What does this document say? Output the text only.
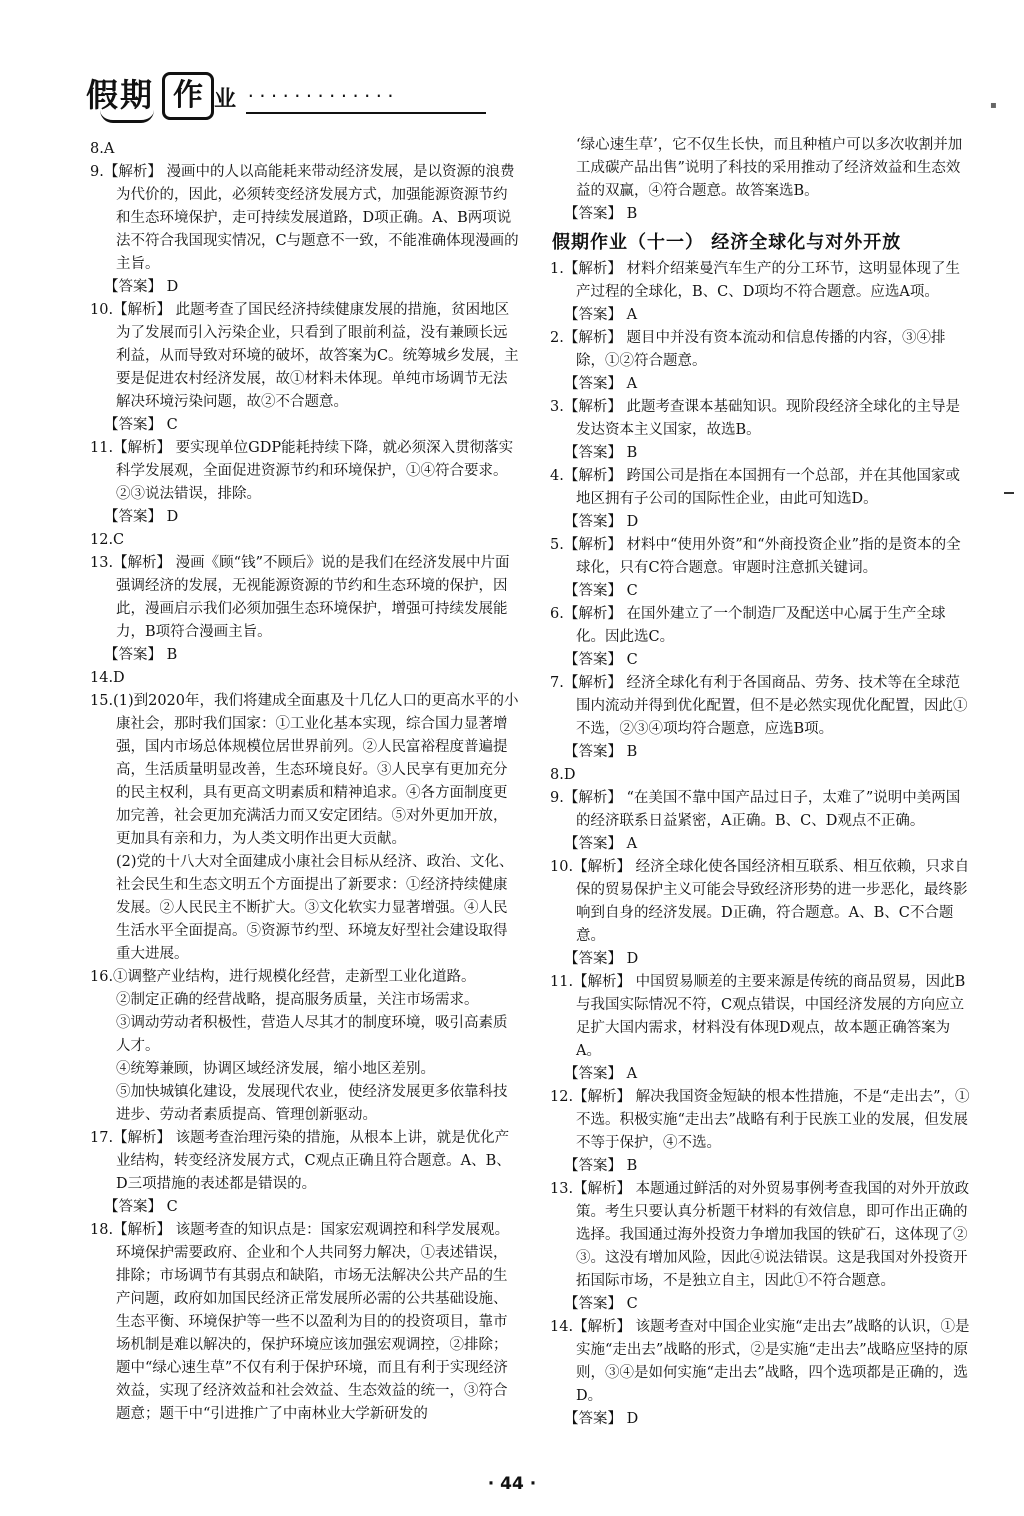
假期 作 业 .............
▪
8.A
9.【解析】 漫画中的人以高能耗来带动经济发展，是以资源的浪费为代价的，因此，必须转变经济发展方式，加强能源资源节约和生态环境保护，走可持续发展道路，D项正确。A、B两项说法不符合我国现实情况，C与题意不一致，不能准确体现漫画的主旨。
【答案】 D
10.【解析】 此题考查了国民经济持续健康发展的措施，贫困地区为了发展而引入污染企业，只看到了眼前利益，没有兼顾长远利益，从而导致对环境的破坏，故答案为C。统筹城乡发展，主要是促进农村经济发展，故①材料未体现。单纯市场调节无法解决环境污染问题，故②不合题意。
【答案】 C
11.【解析】 要实现单位GDP能耗持续下降，就必须深入贯彻落实科学发展观，全面促进资源节约和环境保护，①④符合要求。②③说法错误，排除。
【答案】 D
12.C
13.【解析】 漫画《顾“钱”不顾后》说的是我们在经济发展中片面强调经济的发展，无视能源资源的节约和生态环境的保护，因此，漫画启示我们必须加强生态环境保护，增强可持续发展能力，B项符合漫画主旨。
【答案】 B
14.D
15.(1)到2020年，我们将建成全面惠及十几亿人口的更高水平的小康社会，那时我们国家：①工业化基本实现，综合国力显著增强，国内市场总体规模位居世界前列。②人民富裕程度普遍提高，生活质量明显改善，生态环境良好。③人民享有更加充分的民主权利，具有更高文明素质和精神追求。④各方面制度更加完善，社会更加充满活力而又安定团结。⑤对外更加开放，更加具有亲和力，为人类文明作出更大贡献。
(2)党的十八大对全面建成小康社会目标从经济、政治、文化、社会民生和生态文明五个方面提出了新要求：①经济持续健康发展。②人民民主不断扩大。③文化软实力显著增强。④人民生活水平全面提高。⑤资源节约型、环境友好型社会建设取得重大进展。
16.①调整产业结构，进行规模化经营，走新型工业化道路。
②制定正确的经营战略，提高服务质量，关注市场需求。
③调动劳动者积极性，营造人尽其才的制度环境，吸引高素质人才。
④统筹兼顾，协调区域经济发展，缩小地区差别。
⑤加快城镇化建设，发展现代农业，使经济发展更多依靠科技进步、劳动者素质提高、管理创新驱动。
17.【解析】 该题考查治理污染的措施，从根本上讲，就是优化产业结构，转变经济发展方式，C观点正确且符合题意。A、B、D三项措施的表述都是错误的。
【答案】 C
18.【解析】 该题考查的知识点是：国家宏观调控和科学发展观。环境保护需要政府、企业和个人共同努力解决，①表述错误，排除；市场调节有其弱点和缺陷，市场无法解决公共产品的生产问题，政府如加国民经济正常发展所必需的公共基础设施、生态平衡、环境保护等一些不以盈利为目的的投资项目，靠市场机制是难以解决的，保护环境应该加强宏观调控，②排除；题中“绿心速生草”不仅有利于保护环境，而且有利于实现经济效益，实现了经济效益和社会效益、生态效益的统一，③符合题意；题干中“引进推广了中南林业大学新研发的
‘绿心速生草’，它不仅生长快，而且种植户可以多次收割并加工成碳产品出售”说明了科技的采用推动了经济效益和生态效益的双赢，④符合题意。故答案选B。
【答案】 B
假期作业（十一） 经济全球化与对外开放
1.【解析】 材料介绍莱曼汽车生产的分工环节，这明显体现了生产过程的全球化，B、C、D项均不符合题意。应选A项。
【答案】 A
2.【解析】 题目中并没有资本流动和信息传播的内容，③④排除，①②符合题意。
【答案】 A
3.【解析】 此题考查课本基础知识。现阶段经济全球化的主导是发达资本主义国家，故选B。
【答案】 B
4.【解析】 跨国公司是指在本国拥有一个总部，并在其他国家或地区拥有子公司的国际性企业，由此可知选D。
【答案】 D
5.【解析】 材料中“使用外资”和“外商投资企业”指的是资本的全球化，只有C符合题意。审题时注意抓关键词。
【答案】 C
6.【解析】 在国外建立了一个制造厂及配送中心属于生产全球化。因此选C。
【答案】 C
7.【解析】 经济全球化有利于各国商品、劳务、技术等在全球范围内流动并得到优化配置，但不是必然实现优化配置，因此①不选，②③④项均符合题意，应选B项。
【答案】 B
8.D
9.【解析】 “在美国不靠中国产品过日子，太难了”说明中美两国的经济联系日益紧密，A正确。B、C、D观点不正确。
【答案】 A
10.【解析】 经济全球化使各国经济相互联系、相互依赖，只求自保的贸易保护主义可能会导致经济形势的进一步恶化，最终影响到自身的经济发展。D正确，符合题意。A、B、C不合题意。
【答案】 D
11.【解析】 中国贸易顺差的主要来源是传统的商品贸易，因此B与我国实际情况不符，C观点错误，中国经济发展的方向应立足扩大国内需求，材料没有体现D观点，故本题正确答案为A。
【答案】 A
12.【解析】 解决我国资金短缺的根本性措施，不是“走出去”，①不选。积极实施“走出去”战略有利于民族工业的发展，但发展不等于保护，④不选。
【答案】 B
13.【解析】 本题通过鲜活的对外贸易事例考查我国的对外开放政策。考生只要认真分析题干材料的有效信息，即可作出正确的选择。我国通过海外投资力争增加我国的铁矿石，这体现了②③。这没有增加风险，因此④说法错误。这是我国对外投资开拓国际市场，不是独立自主，因此①不符合题意。
【答案】 C
14.【解析】 该题考查对中国企业实施“走出去”战略的认识，①是实施“走出去”战略的形式，②是实施“走出去”战略应坚持的原则，③④是如何实施“走出去”战略，四个选项都是正确的，选D。
【答案】 D
· 44 ·
